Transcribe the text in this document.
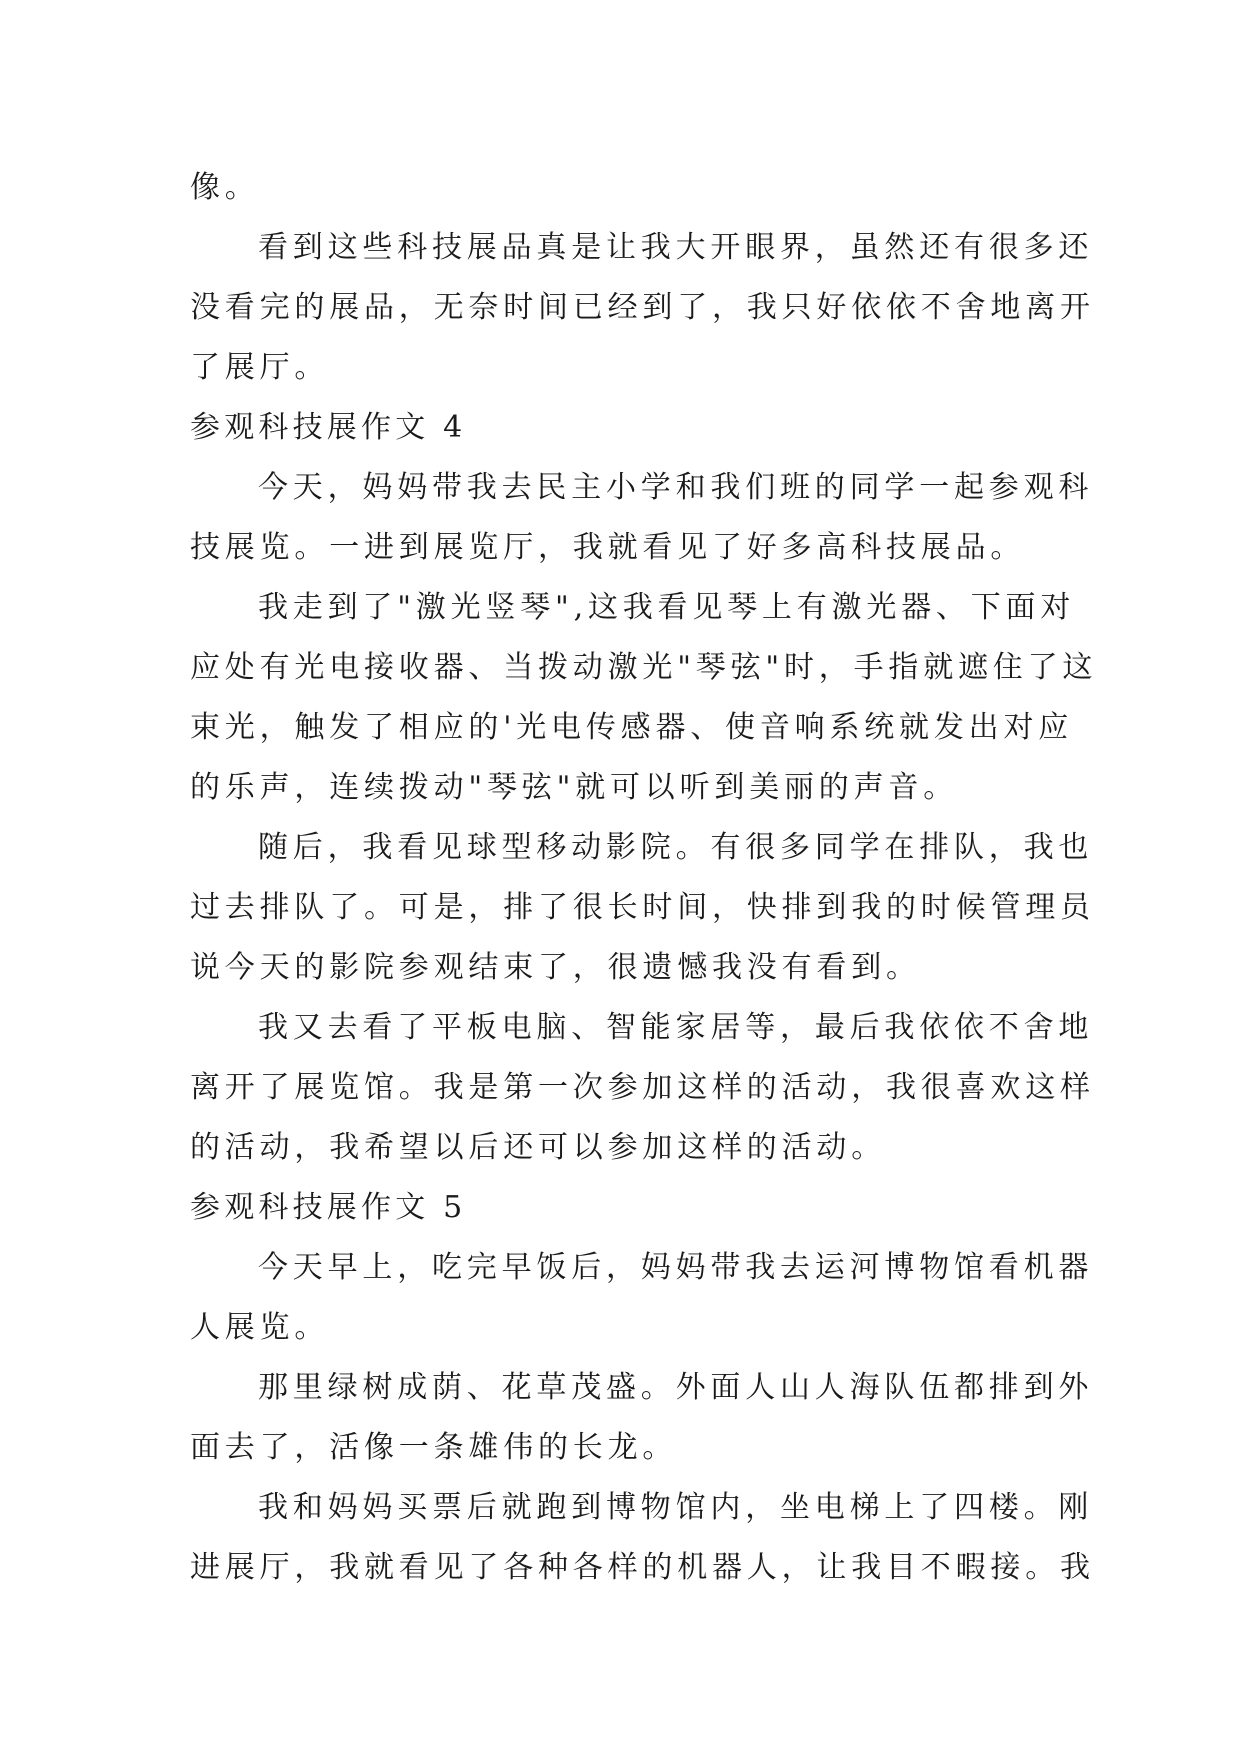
像。
看到这些科技展品真是让我大开眼界，虽然还有很多还
没看完的展品，无奈时间已经到了，我只好依依不舍地离开
了展厅。
参观科技展作文 4
今天，妈妈带我去民主小学和我们班的同学一起参观科
技展览。一进到展览厅，我就看见了好多高科技展品。
我走到了"激光竖琴",这我看见琴上有激光器、下面对
应处有光电接收器、当拨动激光"琴弦"时，手指就遮住了这
束光，触发了相应的'光电传感器、使音响系统就发出对应
的乐声，连续拨动"琴弦"就可以听到美丽的声音。
随后，我看见球型移动影院。有很多同学在排队，我也
过去排队了。可是，排了很长时间，快排到我的时候管理员
说今天的影院参观结束了，很遗憾我没有看到。
我又去看了平板电脑、智能家居等，最后我依依不舍地
离开了展览馆。我是第一次参加这样的活动，我很喜欢这样
的活动，我希望以后还可以参加这样的活动。
参观科技展作文 5
今天早上，吃完早饭后，妈妈带我去运河博物馆看机器
人展览。
那里绿树成荫、花草茂盛。外面人山人海队伍都排到外
面去了，活像一条雄伟的长龙。
我和妈妈买票后就跑到博物馆内，坐电梯上了四楼。刚
进展厅，我就看见了各种各样的机器人，让我目不暇接。我
